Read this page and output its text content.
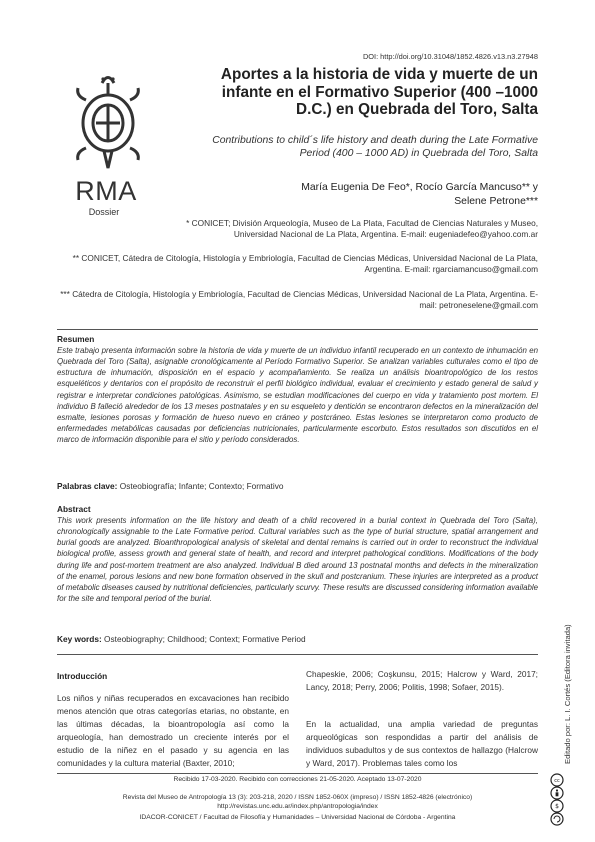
DOI: http://doi.org/10.31048/1852.4826.v13.n3.27948
RMA
Dossier
Aportes a la historia de vida y muerte de un infante en el Formativo Superior (400 –1000 D.C.) en Quebrada del Toro, Salta
Contributions to child´s life history and death during the Late Formative Period (400 – 1000 AD) in Quebrada del Toro, Salta
María Eugenia De Feo*, Rocío García Mancuso** y
Selene Petrone***
* CONICET; División Arqueología, Museo de La Plata, Facultad de Ciencias Naturales y Museo, Universidad Nacional de La Plata, Argentina. E-mail: eugeniadefeo@yahoo.com.ar
** CONICET, Cátedra de Citología, Histología y Embriología, Facultad de Ciencias Médicas, Universidad Nacional de La Plata, Argentina. E-mail: rgarciamancuso@gmail.com
*** Cátedra de Citología, Histología y Embriología, Facultad de Ciencias Médicas, Universidad Nacional de La Plata, Argentina. E-mail: petroneselene@gmail.com
Resumen
Este trabajo presenta información sobre la historia de vida y muerte de un individuo infantil recuperado en un contexto de inhumación en Quebrada del Toro (Salta), asignable cronológicamente al Período Formativo Superior. Se analizan variables culturales como el tipo de estructura de inhumación, disposición en el espacio y acompañamiento. Se realiza un análisis bioantropológico de los restos esqueléticos y dentarios con el propósito de reconstruir el perfil biológico individual, evaluar el crecimiento y estado general de salud y registrar e interpretar condiciones patológicas. Asimismo, se estudian modificaciones del cuerpo en vida y tratamiento post mortem. El individuo B falleció alrededor de los 13 meses postnatales y en su esqueleto y dentición se encontraron defectos en la mineralización del esmalte, lesiones porosas y formación de hueso nuevo en cráneo y postcráneo. Estas lesiones se interpretaron como producto de enfermedades metabólicas causadas por deficiencias nutricionales, particularmente escorbuto. Estos resultados son discutidos en el marco de información disponible para el sitio y período considerados.
Palabras clave: Osteobiografía; Infante; Contexto; Formativo
Abstract
This work presents information on the life history and death of a child recovered in a burial context in Quebrada del Toro (Salta), chronologically assignable to the Late Formative period. Cultural variables such as the type of burial structure, spatial arrangement and burial goods are analyzed. Bioanthropological analysis of skeletal and dental remains is carried out in order to reconstruct the individual biological profile, assess growth and general state of health, and record and interpret pathological conditions. Modifications of the body during life and post-mortem treatment are also analyzed. Individual B died around 13 postnatal months and defects in the mineralization of the enamel, porous lesions and new bone formation observed in the skull and postcranium. These injuries are interpreted as a product of metabolic diseases caused by nutritional deficiencies, particularly scurvy. These results are discussed considering information available for the site and temporal period of the burial.
Key words: Osteobiography; Childhood; Context; Formative Period
Introducción
Los niños y niñas recuperados en excavaciones han recibido menos atención que otras categorías etarias, no obstante, en las últimas décadas, la bioantropología así como la arqueología, han demostrado un creciente interés por el estudio de la niñez en el pasado y su agencia en las comunidades y la cultura material (Baxter, 2010;
Chapeskie, 2006; Coşkunsu, 2015; Halcrow y Ward, 2017; Lancy, 2018; Perry, 2006; Politis, 1998; Sofaer, 2015).
En la actualidad, una amplia variedad de preguntas arqueológicas son respondidas a partir del análisis de individuos subadultos y de sus contextos de hallazgo (Halcrow y Ward, 2017). Problemas tales como los
Recibido 17-03-2020. Recibido con correcciones 21-05-2020. Aceptado 13-07-2020
Revista del Museo de Antropología 13 (3): 203-218, 2020 / ISSN 1852-060X (impreso) / ISSN 1852-4826 (electrónico)
http://revistas.unc.edu.ar/index.php/antropologia/index
IDACOR-CONICET / Facultad de Filosofía y Humanidades – Universidad Nacional de Córdoba - Argentina
Editado por: L. I. Cortés (Editora invitada)
cc
$
